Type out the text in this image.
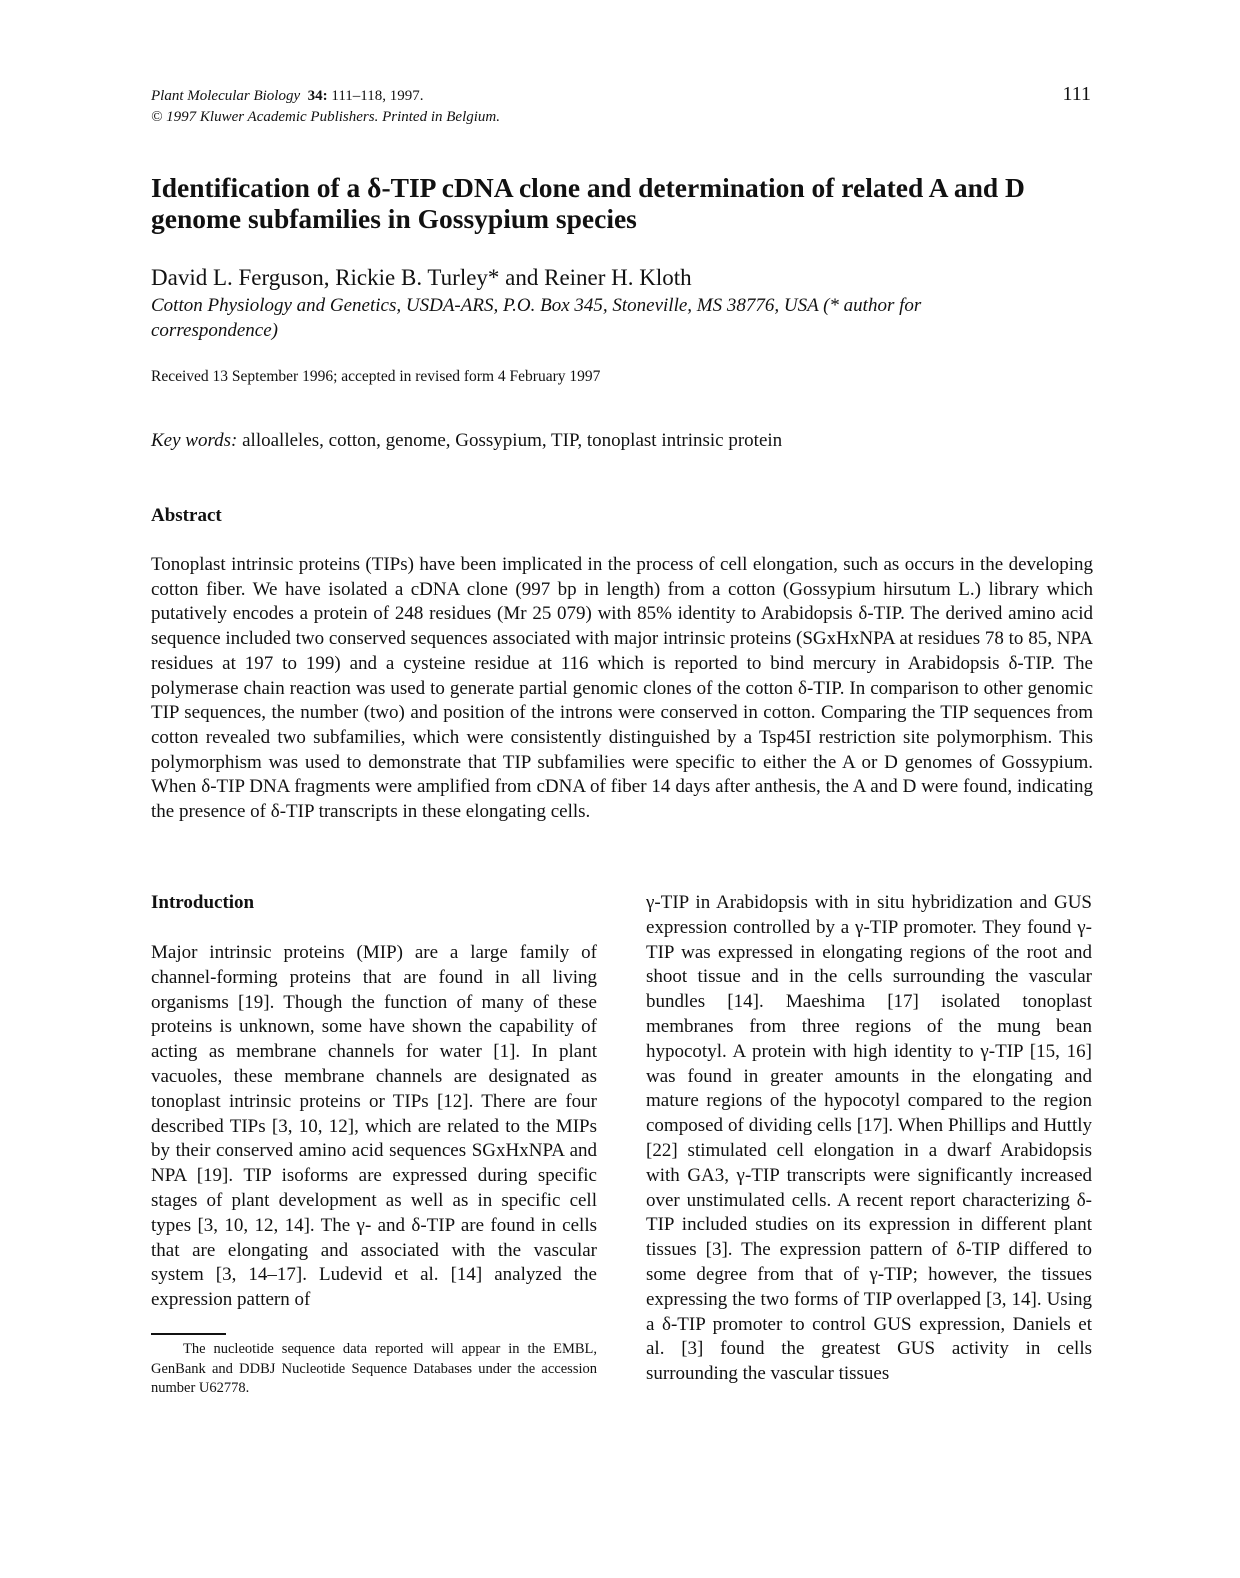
Plant Molecular Biology 34: 111–118, 1997.
© 1997 Kluwer Academic Publishers. Printed in Belgium.
111
Identification of a δ-TIP cDNA clone and determination of related A and D genome subfamilies in Gossypium species
David L. Ferguson, Rickie B. Turley* and Reiner H. Kloth
Cotton Physiology and Genetics, USDA-ARS, P.O. Box 345, Stoneville, MS 38776, USA (* author for correspondence)
Received 13 September 1996; accepted in revised form 4 February 1997
Key words: alloalleles, cotton, genome, Gossypium, TIP, tonoplast intrinsic protein
Abstract

Tonoplast intrinsic proteins (TIPs) have been implicated in the process of cell elongation, such as occurs in the developing cotton fiber. We have isolated a cDNA clone (997 bp in length) from a cotton (Gossypium hirsutum L.) library which putatively encodes a protein of 248 residues (Mr 25 079) with 85% identity to Arabidopsis δ-TIP. The derived amino acid sequence included two conserved sequences associated with major intrinsic proteins (SGxHxNPA at residues 78 to 85, NPA residues at 197 to 199) and a cysteine residue at 116 which is reported to bind mercury in Arabidopsis δ-TIP. The polymerase chain reaction was used to generate partial genomic clones of the cotton δ-TIP. In comparison to other genomic TIP sequences, the number (two) and position of the introns were conserved in cotton. Comparing the TIP sequences from cotton revealed two subfamilies, which were consistently distinguished by a Tsp45I restriction site polymorphism. This polymorphism was used to demonstrate that TIP subfamilies were specific to either the A or D genomes of Gossypium. When δ-TIP DNA fragments were amplified from cDNA of fiber 14 days after anthesis, the A and D were found, indicating the presence of δ-TIP transcripts in these elongating cells.

Introduction

Major intrinsic proteins (MIP) are a large family of channel-forming proteins that are found in all living organisms [19]. Though the function of many of these proteins is unknown, some have shown the capability of acting as membrane channels for water [1]. In plant vacuoles, these membrane channels are designated as tonoplast intrinsic proteins or TIPs [12]. There are four described TIPs [3, 10, 12], which are related to the MIPs by their conserved amino acid sequences SGxHxNPA and NPA [19]. TIP isoforms are expressed during specific stages of plant development as well as in specific cell types [3, 10, 12, 14]. The γ- and δ-TIP are found in cells that are elongating and associated with the vascular system [3, 14–17]. Ludevid et al. [14] analyzed the expression pattern of

γ-TIP in Arabidopsis with in situ hybridization and GUS expression controlled by a γ-TIP promoter. They found γ-TIP was expressed in elongating regions of the root and shoot tissue and in the cells surrounding the vascular bundles [14]. Maeshima [17] isolated tonoplast membranes from three regions of the mung bean hypocotyl. A protein with high identity to γ-TIP [15, 16] was found in greater amounts in the elongating and mature regions of the hypocotyl compared to the region composed of dividing cells [17]. When Phillips and Huttly [22] stimulated cell elongation in a dwarf Arabidopsis with GA3, γ-TIP transcripts were significantly increased over unstimulated cells. A recent report characterizing δ-TIP included studies on its expression in different plant tissues [3]. The expression pattern of δ-TIP differed to some degree from that of γ-TIP; however, the tissues expressing the two forms of TIP overlapped [3, 14]. Using a δ-TIP promoter to control GUS expression, Daniels et al. [3] found the greatest GUS activity in cells surrounding the vascular tissues

The nucleotide sequence data reported will appear in the EMBL, GenBank and DDBJ Nucleotide Sequence Databases under the accession number U62778.
